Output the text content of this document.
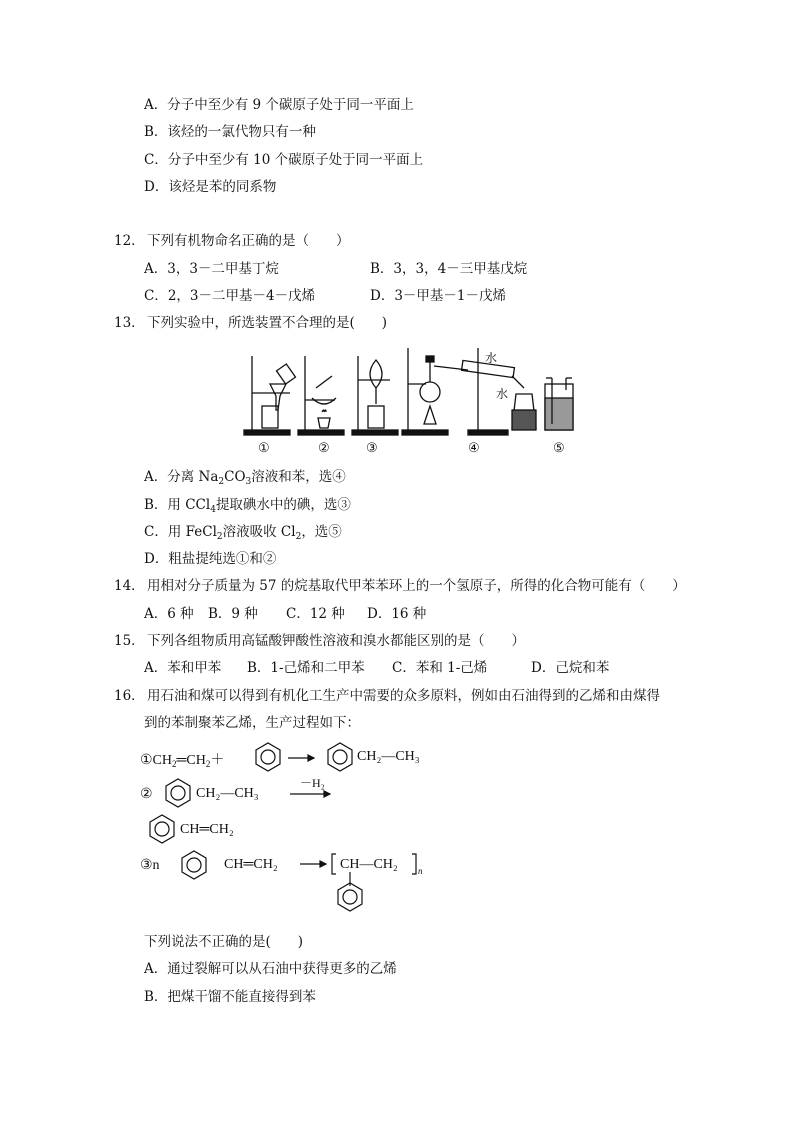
A．分子中至少有 9 个碳原子处于同一平面上
B．该烃的一氯代物只有一种
C．分子中至少有 10 个碳原子处于同一平面上
D．该烃是苯的同系物
12． 下列有机物命名正确的是（　　）
A．3，3－二甲基丁烷	B．3，3，4－三甲基戊烷
C．2，3－二甲基－4－戊烯	D．3－甲基－1－戊烯
13． 下列实验中，所选装置不合理的是(　　)
水
水
①	②	③	④	⑤
A．分离 $Na_2CO_3$溶液和苯，选④
B．用 CCl$_4$提取碘水中的碘，选③
C．用 FeCl$_2$溶液吸收 $Cl_2$，选⑤
D．粗盐提纯选①和②
14． 用相对分子质量为 57 的烷基取代甲苯苯环上的一个氢原子，所得的化合物可能有（　　）
A．6 种 B．9 种 C．12 种 D．16 种
15． 下列各组物质用高锰酸钾酸性溶液和溴水都能区别的是（　　）
A．苯和甲苯 B．1-己烯和二甲苯 C．苯和 1-己烯	D．己烷和苯
16． 用石油和煤可以得到有机化工生产中需要的众多原料，例如由石油得到的乙烯和由煤得
到的苯制聚苯乙烯，生产过程如下：
$①CH_2═CH_2+$	CH₂—CH₃
②	CH₂—CH₃
－H₂
CH═CH₂
③n	CH═CH₂	CH—CH₂ n
下列说法不正确的是(　　)
A．通过裂解可以从石油中获得更多的乙烯
B．把煤干馏不能直接得到苯
